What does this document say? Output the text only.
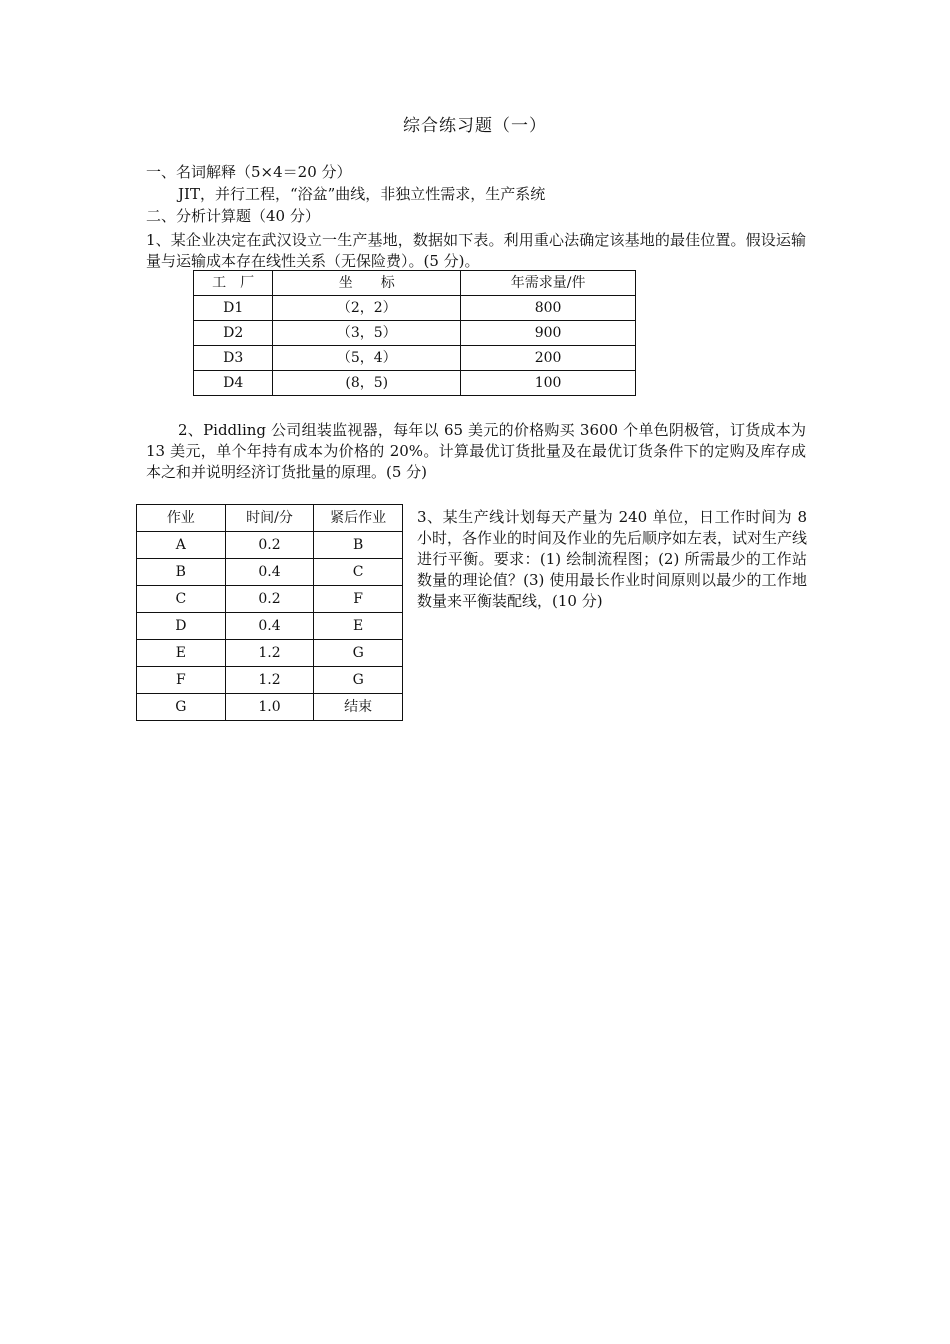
综合练习题（一）
一、名词解释（5×4＝20 分）
JIT，并行工程，“浴盆”曲线，非独立性需求，生产系统
二、分析计算题（40 分）
1、某企业决定在武汉设立一生产基地，数据如下表。利用重心法确定该基地的最佳位置。假设运输量与运输成本存在线性关系（无保险费）。(5 分)。
工　厂	坐　　标	年需求量/件
D1	（2，2）	800
D2	（3，5）	900
D3	（5，4）	200
D4	(8，5)	100
2、Piddling 公司组装监视器，每年以 65 美元的价格购买 3600 个单色阴极管，订货成本为 13 美元，单个年持有成本为价格的 20%。计算最优订货批量及在最优订货条件下的定购及库存成本之和并说明经济订货批量的原理。(5 分)
作业	时间/分	紧后作业
A	0.2	B
B	0.4	C
C	0.2	F
D	0.4	E
E	1.2	G
F	1.2	G
G	1.0	结束
3、某生产线计划每天产量为 240 单位，日工作时间为 8 小时，各作业的时间及作业的先后顺序如左表，试对生产线进行平衡。要求：(1) 绘制流程图；(2) 所需最少的工作站数量的理论值？(3) 使用最长作业时间原则以最少的工作地数量来平衡装配线，(10 分)
